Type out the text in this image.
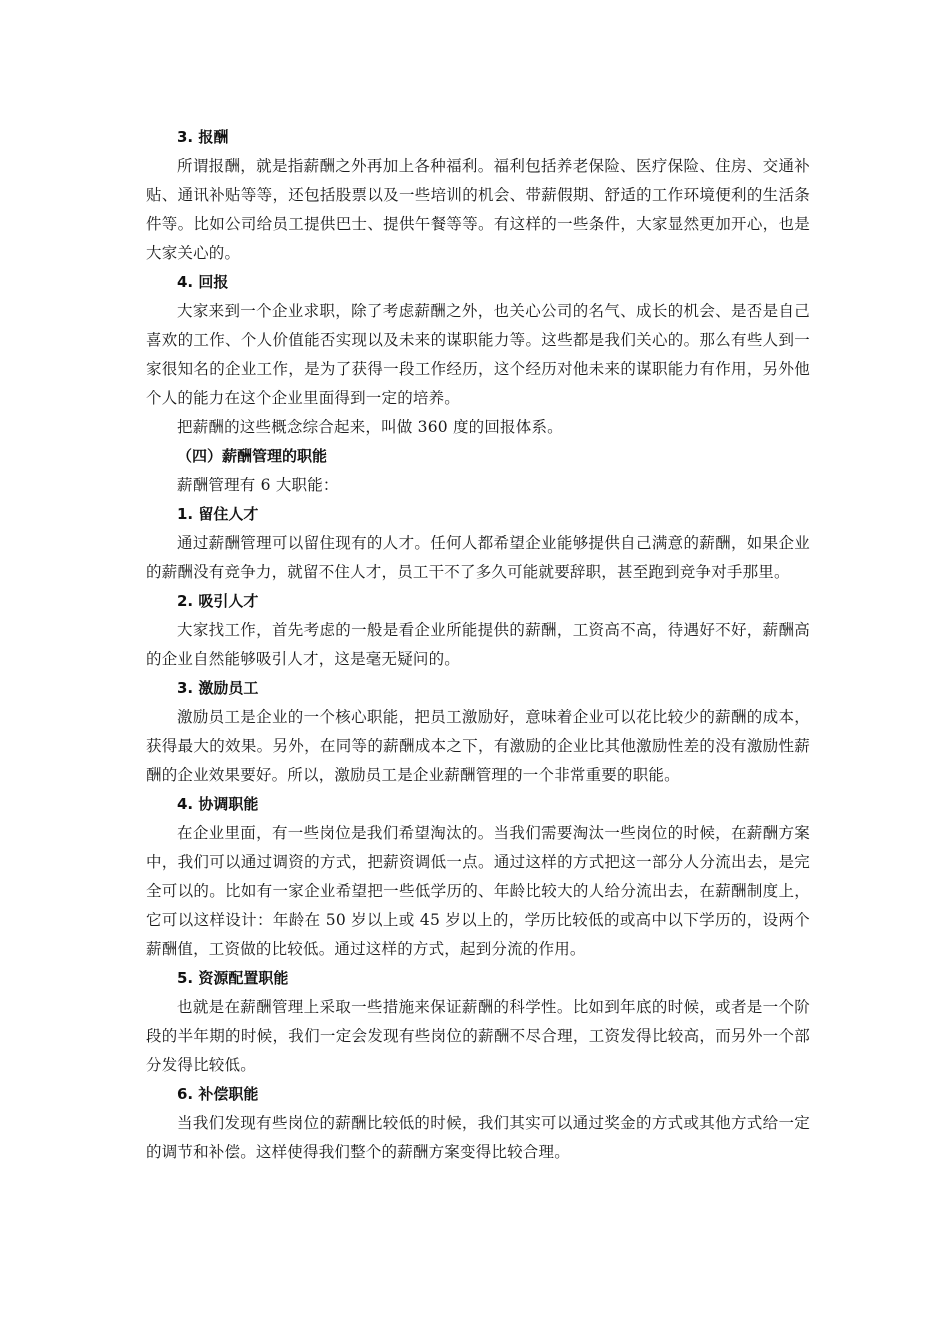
3. 报酬

所谓报酬，就是指薪酬之外再加上各种福利。福利包括养老保险、医疗保险、住房、交通补贴、通讯补贴等等，还包括股票以及一些培训的机会、带薪假期、舒适的工作环境便利的生活条件等。比如公司给员工提供巴士、提供午餐等等。有这样的一些条件，大家显然更加开心，也是大家关心的。

4. 回报

大家来到一个企业求职，除了考虑薪酬之外，也关心公司的名气、成长的机会、是否是自己喜欢的工作、个人价值能否实现以及未来的谋职能力等。这些都是我们关心的。那么有些人到一家很知名的企业工作，是为了获得一段工作经历，这个经历对他未来的谋职能力有作用，另外他个人的能力在这个企业里面得到一定的培养。

把薪酬的这些概念综合起来，叫做 360 度的回报体系。

（四）薪酬管理的职能

薪酬管理有 6 大职能：

1. 留住人才

通过薪酬管理可以留住现有的人才。任何人都希望企业能够提供自己满意的薪酬，如果企业的薪酬没有竞争力，就留不住人才，员工干不了多久可能就要辞职，甚至跑到竞争对手那里。

2. 吸引人才

大家找工作，首先考虑的一般是看企业所能提供的薪酬，工资高不高，待遇好不好，薪酬高的企业自然能够吸引人才，这是毫无疑问的。

3. 激励员工

激励员工是企业的一个核心职能，把员工激励好，意味着企业可以花比较少的薪酬的成本，获得最大的效果。另外，在同等的薪酬成本之下，有激励的企业比其他激励性差的没有激励性薪酬的企业效果要好。所以，激励员工是企业薪酬管理的一个非常重要的职能。

4. 协调职能

在企业里面，有一些岗位是我们希望淘汰的。当我们需要淘汰一些岗位的时候，在薪酬方案中，我们可以通过调资的方式，把薪资调低一点。通过这样的方式把这一部分人分流出去，是完全可以的。比如有一家企业希望把一些低学历的、年龄比较大的人给分流出去，在薪酬制度上，它可以这样设计：年龄在 50 岁以上或 45 岁以上的，学历比较低的或高中以下学历的，设两个薪酬值，工资做的比较低。通过这样的方式，起到分流的作用。

5. 资源配置职能

也就是在薪酬管理上采取一些措施来保证薪酬的科学性。比如到年底的时候，或者是一个阶段的半年期的时候，我们一定会发现有些岗位的薪酬不尽合理，工资发得比较高，而另外一个部分发得比较低。

6. 补偿职能

当我们发现有些岗位的薪酬比较低的时候，我们其实可以通过奖金的方式或其他方式给一定的调节和补偿。这样使得我们整个的薪酬方案变得比较合理。
